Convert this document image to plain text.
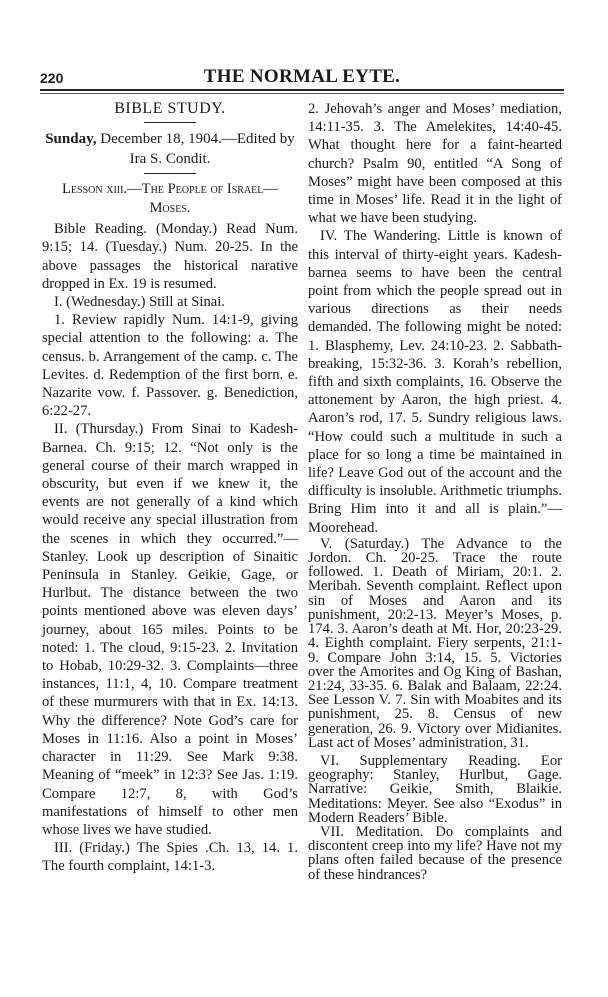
220	THE NORMAL EYTE.
BIBLE STUDY.
Sunday, December 18, 1904.—Edited by Ira S. Condit.
Lesson xiii.—The People of Israel—Moses.

Bible Reading. (Monday.) Read Num. 9:15; 14. (Tuesday.) Num. 20-25. In the above passages the historical narative dropped in Ex. 19 is resumed.

I. (Wednesday.) Still at Sinai.

1. Review rapidly Num. 14:1-9, giving special attention to the following: a. The census. b. Arrangement of the camp. c. The Levites. d. Redemption of the first born. e. Nazarite vow. f. Passover. g. Benediction, 6:22-27.

II. (Thursday.) From Sinai to Kadesh-Barnea. Ch. 9:15; 12. “Not only is the general course of their march wrapped in obscurity, but even if we knew it, the events are not generally of a kind which would receive any special illustration from the scenes in which they occurred.”—Stanley. Look up description of Sinaitic Peninsula in Stanley. Geikie, Gage, or Hurlbut. The distance between the two points mentioned above was eleven days’ journey, about 165 miles. Points to be noted: 1. The cloud, 9:15-23. 2. Invitation to Hobab, 10:29-32. 3. Complaints—three instances, 11:1, 4, 10. Compare treatment of these murmurers with that in Ex. 14:13. Why the difference? Note God’s care for Moses in 11:16. Also a point in Moses’ character in 11:29. See Mark 9:38. Meaning of “meek” in 12:3? See Jas. 1:19. Compare 12:7, 8, with God’s manifestations of himself to other men whose lives we have studied.

III. (Friday.) The Spies .Ch. 13, 14. 1. The fourth complaint, 14:1-3.

2. Jehovah’s anger and Moses’ mediation, 14:11-35. 3. The Amelekites, 14:40-45. What thought here for a faint-hearted church? Psalm 90, entitled “A Song of Moses” might have been composed at this time in Moses’ life. Read it in the light of what we have been studying.

IV. The Wandering. Little is known of this interval of thirty-eight years. Kadesh-barnea seems to have been the central point from which the people spread out in various directions as their needs demanded. The following might be noted: 1. Blasphemy, Lev. 24:10-23. 2. Sabbath-breaking, 15:32-36. 3. Korah’s rebellion, fifth and sixth complaints, 16. Observe the attonement by Aaron, the high priest. 4. Aaron’s rod, 17. 5. Sundry religious laws. “How could such a multitude in such a place for so long a time be maintained in life? Leave God out of the account and the difficulty is insoluble. Arithmetic triumphs. Bring Him into it and all is plain.”—Moorehead.

V. (Saturday.) The Advance to the Jordon. Ch. 20-25. Trace the route followed. 1. Death of Miriam, 20:1. 2. Meribah. Seventh complaint. Reflect upon sin of Moses and Aaron and its punishment, 20:2-13. Meyer’s Moses, p. 174. 3. Aaron’s death at Mt. Hor, 20:23-29. 4. Eighth complaint. Fiery serpents, 21:1-9. Compare John 3:14, 15. 5. Victories over the Amorites and Og King of Bashan, 21:24, 33-35. 6. Balak and Balaam, 22:24. See Lesson V. 7. Sin with Moabites and its punishment, 25. 8. Census of new generation, 26. 9. Victory over Midianites. Last act of Moses’ administration, 31.

VI. Supplementary Reading. Eor geography: Stanley, Hurlbut, Gage. Narrative: Geikie, Smith, Blaikie. Meditations: Meyer. See also “Exodus” in Modern Readers’ Bible.

VII. Meditation. Do complaints and discontent creep into my life? Have not my plans often failed because of the presence of these hindrances?
